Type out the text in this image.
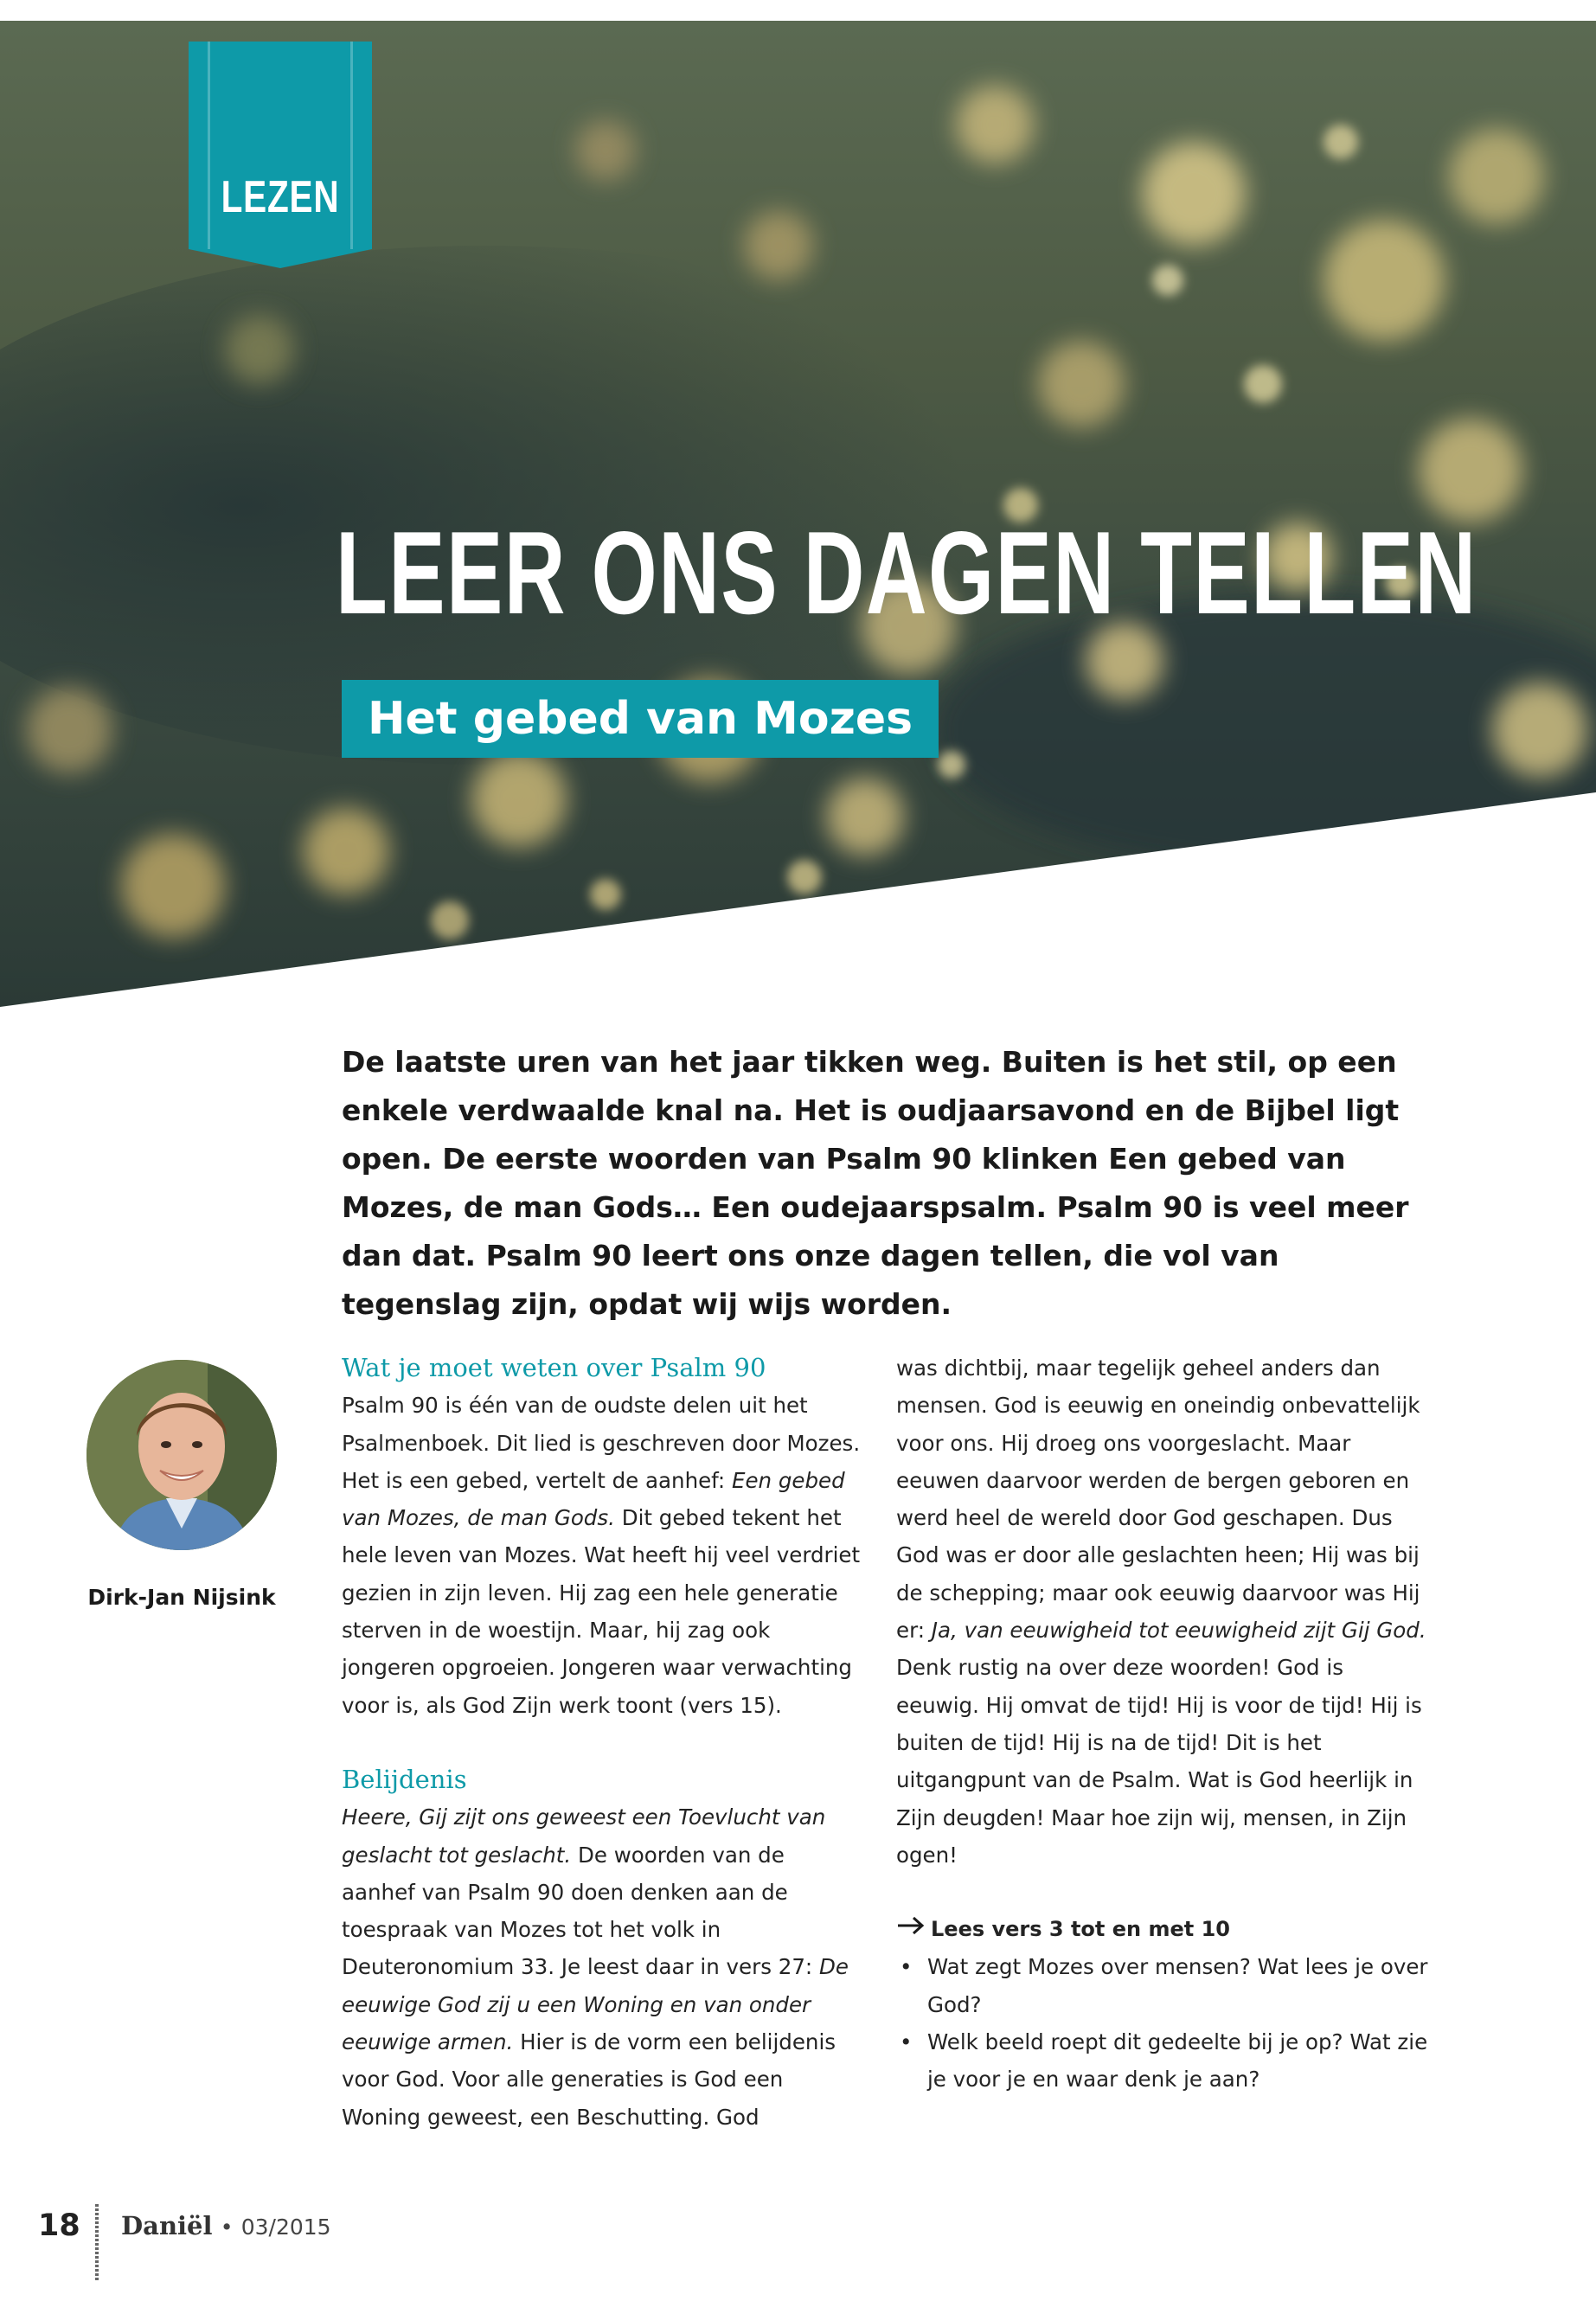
LEZEN
LEER ONS DAGEN TELLEN
Het gebed van Mozes
De laatste uren van het jaar tikken weg. Buiten is het stil, op een enkele verdwaalde knal na. Het is oudjaarsavond en de Bijbel ligt open. De eerste woorden van Psalm 90 klinken Een gebed van Mozes, de man Gods… Een oudejaarspsalm. Psalm 90 is veel meer dan dat. Psalm 90 leert ons onze dagen tellen, die vol van tegenslag zijn, opdat wij wijs worden.
Dirk-Jan Nijsink
Wat je moet weten over Psalm 90

Psalm 90 is één van de oudste delen uit het Psalmenboek. Dit lied is geschreven door Mozes. Het is een gebed, vertelt de aanhef: Een gebed van Mozes, de man Gods. Dit gebed tekent het hele leven van Mozes. Wat heeft hij veel verdriet gezien in zijn leven. Hij zag een hele generatie sterven in de woestijn. Maar, hij zag ook jongeren opgroeien. Jongeren waar verwachting voor is, als God Zijn werk toont (vers 15).

Belijdenis

Heere, Gij zijt ons geweest een Toevlucht van geslacht tot geslacht. De woorden van de aanhef van Psalm 90 doen denken aan de toespraak van Mozes tot het volk in Deuteronomium 33. Je leest daar in vers 27: De eeuwige God zij u een Woning en van onder eeuwige armen. Hier is de vorm een belijdenis voor God. Voor alle generaties is God een Woning geweest, een Beschutting. God

was dichtbij, maar tegelijk geheel anders dan mensen. God is eeuwig en oneindig onbevattelijk voor ons. Hij droeg ons voorgeslacht. Maar eeuwen daarvoor werden de bergen geboren en werd heel de wereld door God geschapen. Dus God was er door alle geslachten heen; Hij was bij de schepping; maar ook eeuwig daarvoor was Hij er: Ja, van eeuwigheid tot eeuwigheid zijt Gij God. Denk rustig na over deze woorden! God is eeuwig. Hij omvat de tijd! Hij is voor de tijd! Hij is buiten de tijd! Hij is na de tijd! Dit is het uitgangpunt van de Psalm. Wat is God heerlijk in Zijn deugden! Maar hoe zijn wij, mensen, in Zijn ogen!

Lees vers 3 tot en met 10
• Wat zegt Mozes over mensen? Wat lees je over God?
• Welk beeld roept dit gedeelte bij je op? Wat zie je voor je en waar denk je aan?
18 Daniël • 03/2015
